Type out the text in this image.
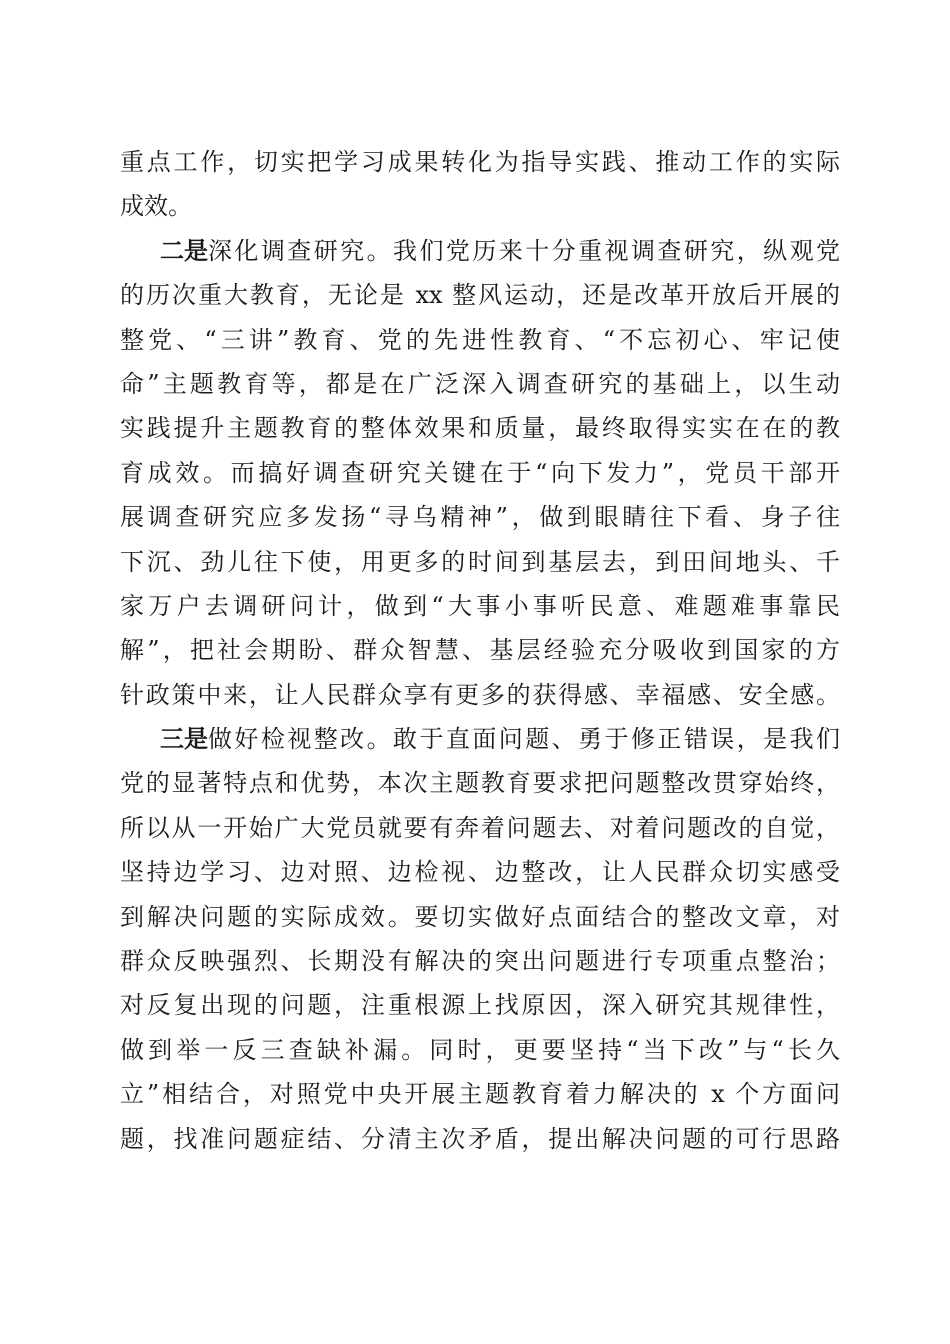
重点工作，切实把学习成果转化为指导实践、推动工作的实际
成效。
二是 深化调查研究。我们党历来十分重视调查研究，纵观党
的历次重大教育，无论是 xx 整风运动，还是改革开放后开展的
整党、“三讲”教育、党的先进性教育、“不忘初心、牢记使
命”主题教育等，都是在广泛深入调查研究的基础上，以生动
实践提升主题教育的整体效果和质量，最终取得实实在在的教
育成效。而搞好调查研究关键在于“向下发力”，党员干部开
展调查研究应多发扬“寻乌精神”，做到眼睛往下看、身子往
下沉、劲儿往下使，用更多的时间到基层去，到田间地头、千
家万户去调研问计，做到“大事小事听民意、难题难事靠民
解”，把社会期盼、群众智慧、基层经验充分吸收到国家的方
针政策中来，让人民群众享有更多的获得感、幸福感、安全感。
三是 做好检视整改。敢于直面问题、勇于修正错误，是我们
党的显著特点和优势，本次主题教育要求把问题整改贯穿始终，
所以从一开始广大党员就要有奔着问题去、对着问题改的自觉，
坚持边学习、边对照、边检视、边整改，让人民群众切实感受
到解决问题的实际成效。要切实做好点面结合的整改文章，对
群众反映强烈、长期没有解决的突出问题进行专项重点整治；
对反复出现的问题，注重根源上找原因，深入研究其规律性，
做到举一反三查缺补漏。同时，更要坚持“当下改”与“长久
立”相结合，对照党中央开展主题教育着力解决的 x 个方面问
题，找准问题症结、分清主次矛盾，提出解决问题的可行思路
